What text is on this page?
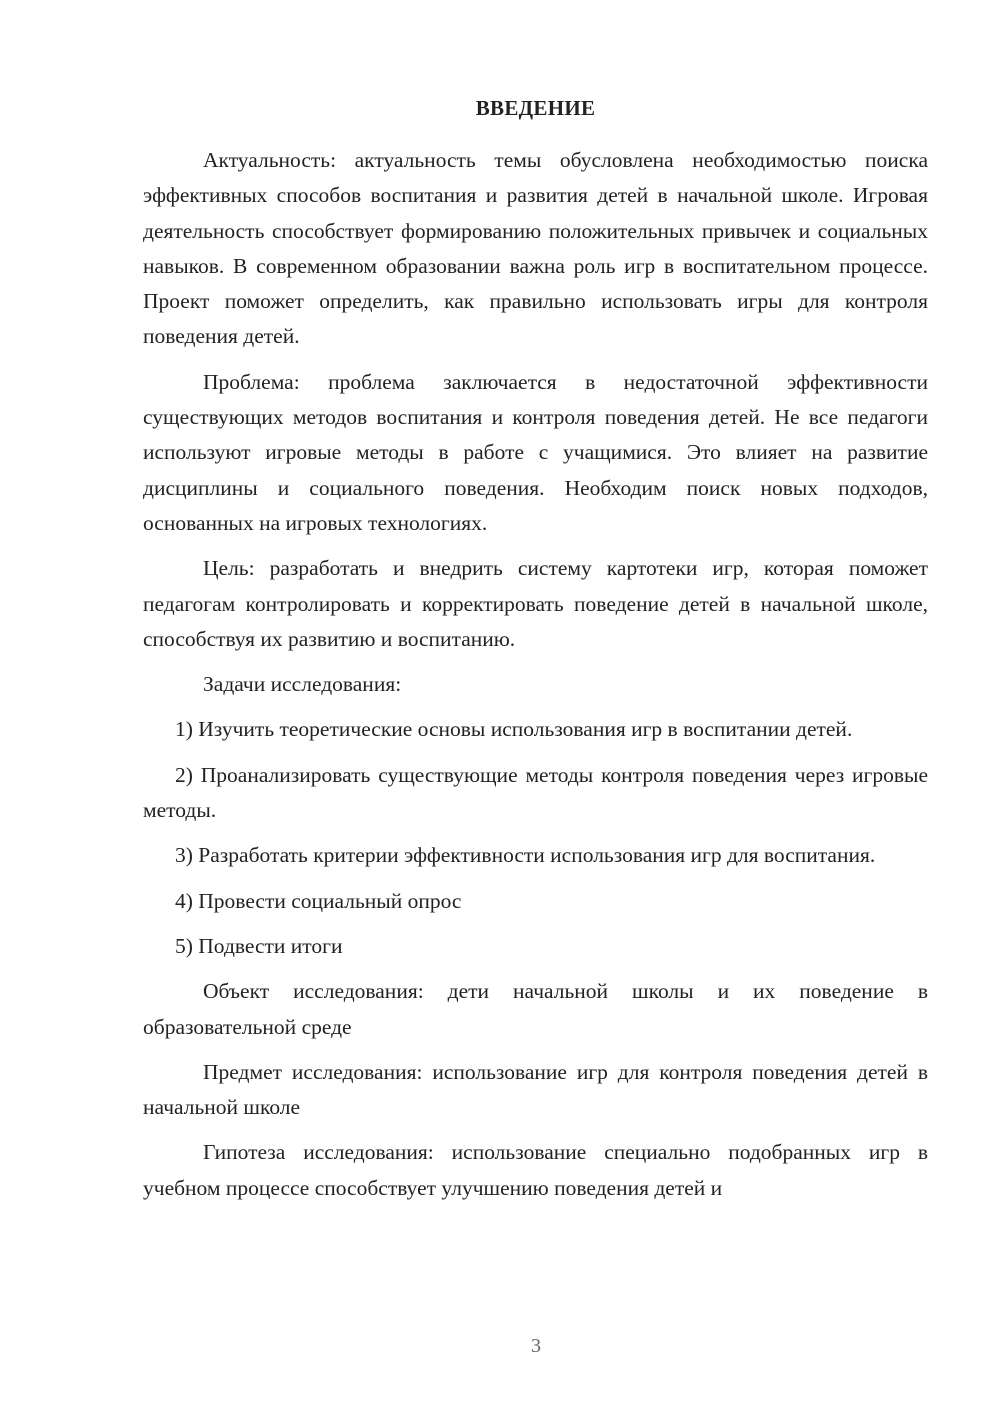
ВВЕДЕНИЕ

Актуальность: актуальность темы обусловлена необходимостью поиска эффективных способов воспитания и развития детей в начальной школе. Игровая деятельность способствует формированию положительных привычек и социальных навыков. В современном образовании важна роль игр в воспитательном процессе. Проект поможет определить, как правильно использовать игры для контроля поведения детей.

Проблема: проблема заключается в недостаточной эффективности существующих методов воспитания и контроля поведения детей. Не все педагоги используют игровые методы в работе с учащимися. Это влияет на развитие дисциплины и социального поведения. Необходим поиск новых подходов, основанных на игровых технологиях.

Цель: разработать и внедрить систему картотеки игр, которая поможет педагогам контролировать и корректировать поведение детей в начальной школе, способствуя их развитию и воспитанию.

Задачи исследования:

1) Изучить теоретические основы использования игр в воспитании детей.

2) Проанализировать существующие методы контроля поведения через игровые методы.

3) Разработать критерии эффективности использования игр для воспитания.

4) Провести социальный опрос

5) Подвести итоги

Объект исследования: дети начальной школы и их поведение в образовательной среде

Предмет исследования: использование игр для контроля поведения детей в начальной школе

Гипотеза исследования: использование специально подобранных игр в учебном процессе способствует улучшению поведения детей и

3
